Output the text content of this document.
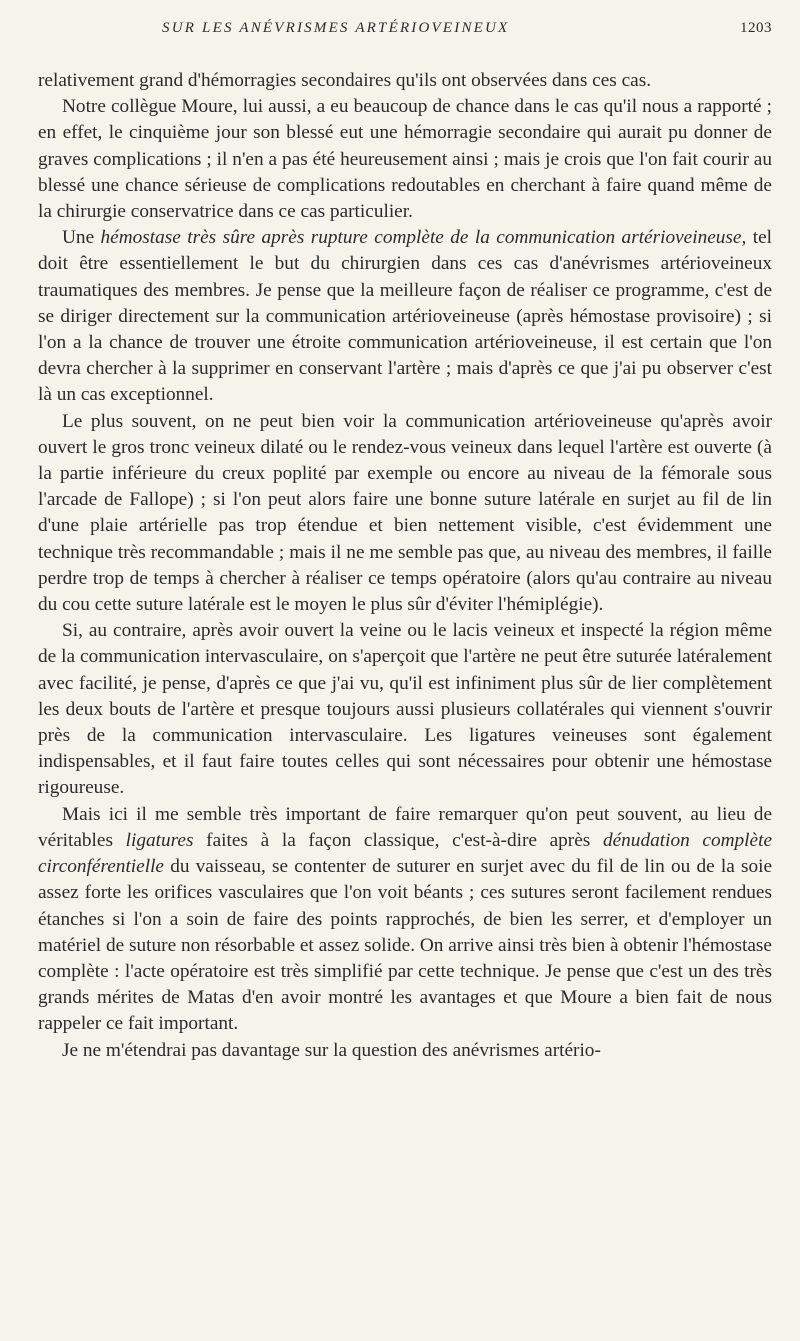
SUR LES ANÉVRISMES ARTÉRIOVEINEUX	1203

relativement grand d'hémorragies secondaires qu'ils ont observées dans ces cas.

Notre collègue Moure, lui aussi, a eu beaucoup de chance dans le cas qu'il nous a rapporté ; en effet, le cinquième jour son blessé eut une hémorragie secondaire qui aurait pu donner de graves complications ; il n'en a pas été heureusement ainsi ; mais je crois que l'on fait courir au blessé une chance sérieuse de complications redoutables en cherchant à faire quand même de la chirurgie conservatrice dans ce cas particulier.

Une hémostase très sûre après rupture complète de la communication artérioveineuse, tel doit être essentiellement le but du chirurgien dans ces cas d'anévrismes artérioveineux traumatiques des membres. Je pense que la meilleure façon de réaliser ce programme, c'est de se diriger directement sur la communication artérioveineuse (après hémostase provisoire) ; si l'on a la chance de trouver une étroite communication artérioveineuse, il est certain que l'on devra chercher à la supprimer en conservant l'artère ; mais d'après ce que j'ai pu observer c'est là un cas exceptionnel.

Le plus souvent, on ne peut bien voir la communication artérioveineuse qu'après avoir ouvert le gros tronc veineux dilaté ou le rendez-vous veineux dans lequel l'artère est ouverte (à la partie inférieure du creux poplité par exemple ou encore au niveau de la fémorale sous l'arcade de Fallope) ; si l'on peut alors faire une bonne suture latérale en surjet au fil de lin d'une plaie artérielle pas trop étendue et bien nettement visible, c'est évidemment une technique très recommandable ; mais il ne me semble pas que, au niveau des membres, il faille perdre trop de temps à chercher à réaliser ce temps opératoire (alors qu'au contraire au niveau du cou cette suture latérale est le moyen le plus sûr d'éviter l'hémiplégie).

Si, au contraire, après avoir ouvert la veine ou le lacis veineux et inspecté la région même de la communication intervasculaire, on s'aperçoit que l'artère ne peut être suturée latéralement avec facilité, je pense, d'après ce que j'ai vu, qu'il est infiniment plus sûr de lier complètement les deux bouts de l'artère et presque toujours aussi plusieurs collatérales qui viennent s'ouvrir près de la communication intervasculaire. Les ligatures veineuses sont également indispensables, et il faut faire toutes celles qui sont nécessaires pour obtenir une hémostase rigoureuse.

Mais ici il me semble très important de faire remarquer qu'on peut souvent, au lieu de véritables ligatures faites à la façon classique, c'est-à-dire après dénudation complète circonférentielle du vaisseau, se contenter de suturer en surjet avec du fil de lin ou de la soie assez forte les orifices vasculaires que l'on voit béants ; ces sutures seront facilement rendues étanches si l'on a soin de faire des points rapprochés, de bien les serrer, et d'employer un matériel de suture non résorbable et assez solide. On arrive ainsi très bien à obtenir l'hémostase complète : l'acte opératoire est très simplifié par cette technique. Je pense que c'est un des très grands mérites de Matas d'en avoir montré les avantages et que Moure a bien fait de nous rappeler ce fait important.

Je ne m'étendrai pas davantage sur la question des anévrismes artério-
